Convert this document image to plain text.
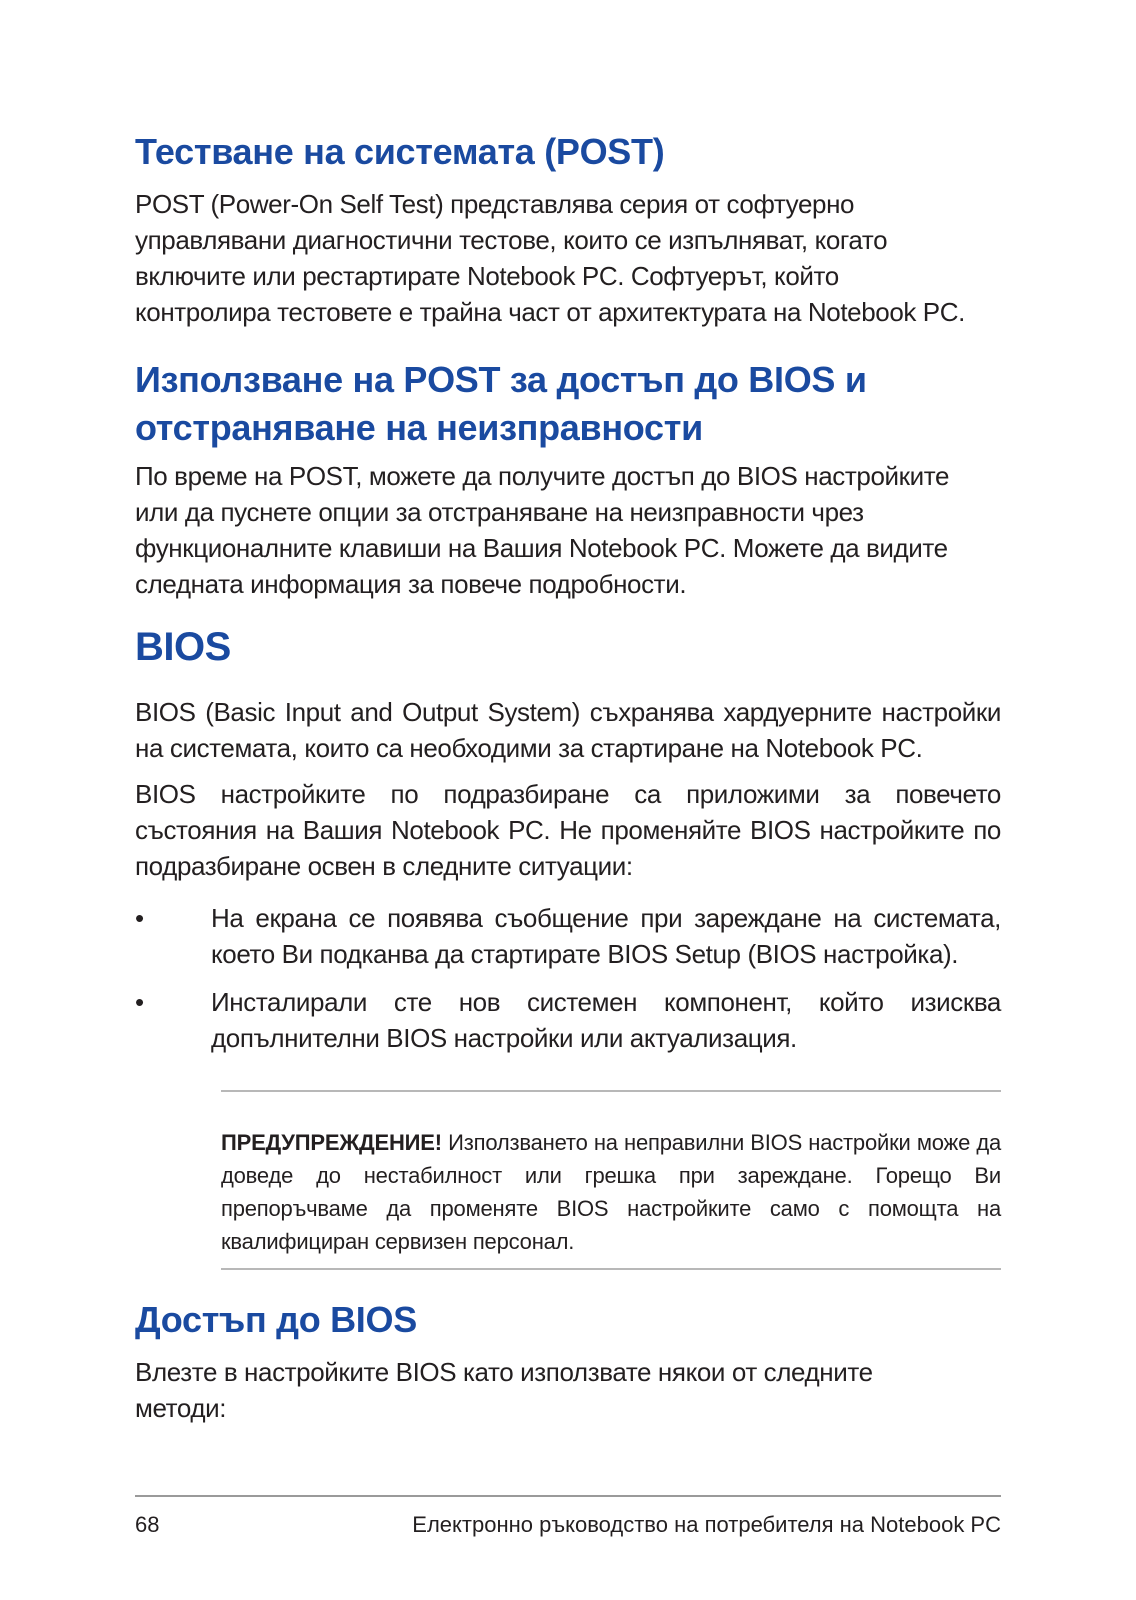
Тестване на системата (POST)
POST (Power-On Self Test) представлява серия от софтуерно
управлявани диагностични тестове, които се изпълняват, когато
включите или рестартирате Notebook PC. Софтуерът, който
контролира тестовете е трайна част от архитектурата на Notebook PC.
Използване на POST за достъп до BIOS и
отстраняване на неизправности
По време на POST, можете да получите достъп до BIOS настройките
или да пуснете опции за отстраняване на неизправности чрез
функционалните клавиши на Вашия Notebook PC. Можете да видите
следната информация за повече подробности.
BIOS

BIOS (Basic Input and Output System) съхранява хардуерните настройки на системата, които са необходими за стартиране на Notebook PC.

BIOS настройките по подразбиране са приложими за повечето състояния на Вашия Notebook PC. Не променяйте BIOS настройките по подразбиране освен в следните ситуации:

•	На екрана се появява съобщение при зареждане на системата, което Ви подканва да стартирате BIOS Setup (BIOS настройка).
•	Инсталирали сте нов системен компонент, който изисква допълнителни BIOS настройки или актуализация.
ПРЕДУПРЕЖДЕНИЕ! Използването на неправилни BIOS настройки може да доведе до нестабилност или грешка при зареждане. Горещо Ви препоръчваме да променяте BIOS настройките само с помощта на квалифициран сервизен персонал.
Достъп до BIOS
Влезте в настройките BIOS като използвате някои от следните
методи:
68	Електронно ръководство на потребителя на Notebook PC
